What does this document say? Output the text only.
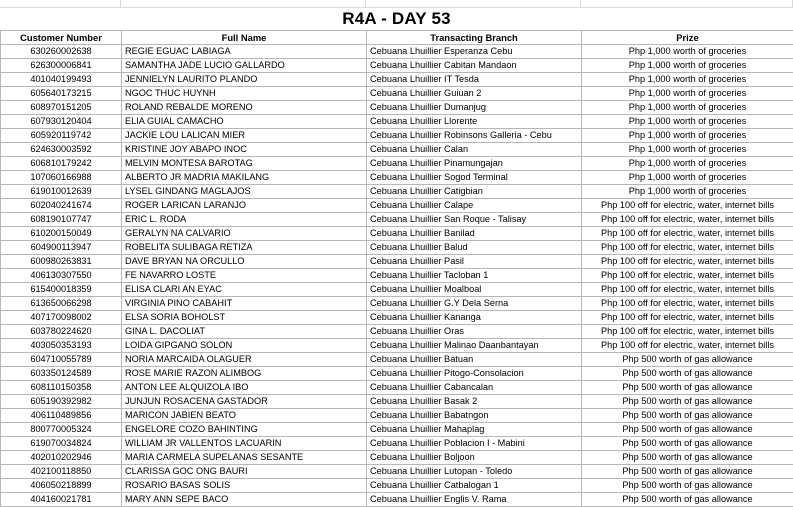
R4A - DAY 53
Customer Number	Full Name	Transacting Branch	Prize
630260002638	REGIE EGUAC LABIAGA	Cebuana Lhuillier Esperanza Cebu	Php 1,000 worth of groceries
626300006841	SAMANTHA JADE LUCIO GALLARDO	Cebuana Lhuillier Cabitan Mandaon	Php 1,000 worth of groceries
401040199493	JENNIELYN LAURITO PLANDO	Cebuana Lhuillier IT Tesda	Php 1,000 worth of groceries
605640173215	NGOC THUC HUYNH	Cebuana Lhuillier Guiuan 2	Php 1,000 worth of groceries
608970151205	ROLAND REBALDE MORENO	Cebuana Lhuillier Dumanjug	Php 1,000 worth of groceries
607930120404	ELIA GUIAL CAMACHO	Cebuana Lhuillier Llorente	Php 1,000 worth of groceries
605920119742	JACKIE LOU LALICAN MIER	Cebuana Lhuillier Robinsons Galleria - Cebu	Php 1,000 worth of groceries
624630003592	KRISTINE JOY ABAPO INOC	Cebuana Lhuillier Calan	Php 1,000 worth of groceries
606810179242	MELVIN MONTESA BAROTAG	Cebuana Lhuillier Pinamungajan	Php 1,000 worth of groceries
107060166988	ALBERTO JR MADRIA MAKILANG	Cebuana Lhuillier Sogod Terminal	Php 1,000 worth of groceries
619010012639	LYSEL GINDANG MAGLAJOS	Cebuana Lhuillier Catigbian	Php 1,000 worth of groceries
602040241674	ROGER LARICAN LARANJO	Cebuana Lhuillier Calape	Php 100 off for electric, water, internet bills
608190107747	ERIC L. RODA	Cebuana Lhuillier San Roque - Talisay	Php 100 off for electric, water, internet bills
610200150049	GERALYN NA CALVARIO	Cebuana Lhuillier Banilad	Php 100 off for electric, water, internet bills
604900113947	ROBELITA SULIBAGA RETIZA	Cebuana Lhuillier Balud	Php 100 off for electric, water, internet bills
600980263831	DAVE BRYAN NA ORCULLO	Cebuana Lhuillier Pasil	Php 100 off for electric, water, internet bills
406130307550	FE NAVARRO LOSTE	Cebuana Lhuillier Tacloban 1	Php 100 off for electric, water, internet bills
615400018359	ELISA CLARI AN EYAC	Cebuana Lhuillier Moalboal	Php 100 off for electric, water, internet bills
613650066298	VIRGINIA PINO CABAHIT	Cebuana Lhuillier G.Y Dela Serna	Php 100 off for electric, water, internet bills
407170098002	ELSA SORIA BOHOLST	Cebuana Lhuillier Kananga	Php 100 off for electric, water, internet bills
603780224620	GINA L. DACOLIAT	Cebuana Lhuillier Oras	Php 100 off for electric, water, internet bills
403050353193	LOIDA GIPGANO SOLON	Cebuana Lhuillier Malinao Daanbantayan	Php 100 off for electric, water, internet bills
604710055789	NORIA MARCAIDA OLAGUER	Cebuana Lhuillier Batuan	Php 500 worth of gas allowance
603350124589	ROSE MARIE RAZON ALIMBOG	Cebuana Lhuillier Pitogo-Consolacion	Php 500 worth of gas allowance
608110150358	ANTON LEE ALQUIZOLA IBO	Cebuana Lhuillier Cabancalan	Php 500 worth of gas allowance
605190392982	JUNJUN ROSACENA GASTADOR	Cebuana Lhuillier Basak 2	Php 500 worth of gas allowance
406110489856	MARICON JABIEN BEATO	Cebuana Lhuillier Babatngon	Php 500 worth of gas allowance
800770005324	ENGELORE COZO BAHINTING	Cebuana Lhuillier Mahaplag	Php 500 worth of gas allowance
619070034824	WILLIAM JR VALLENTOS LACUARIN	Cebuana Lhuillier Poblacion I - Mabini	Php 500 worth of gas allowance
402010202946	MARIA CARMELA SUPELANAS SESANTE	Cebuana Lhuillier Boljoon	Php 500 worth of gas allowance
402100118850	CLARISSA GOC ONG BAURI	Cebuana Lhuillier Lutopan - Toledo	Php 500 worth of gas allowance
406050218899	ROSARIO BASAS SOLIS	Cebuana Lhuillier Catbalogan 1	Php 500 worth of gas allowance
404160021781	MARY ANN SEPE BACO	Cebuana Lhuillier Englis V. Rama	Php 500 worth of gas allowance
